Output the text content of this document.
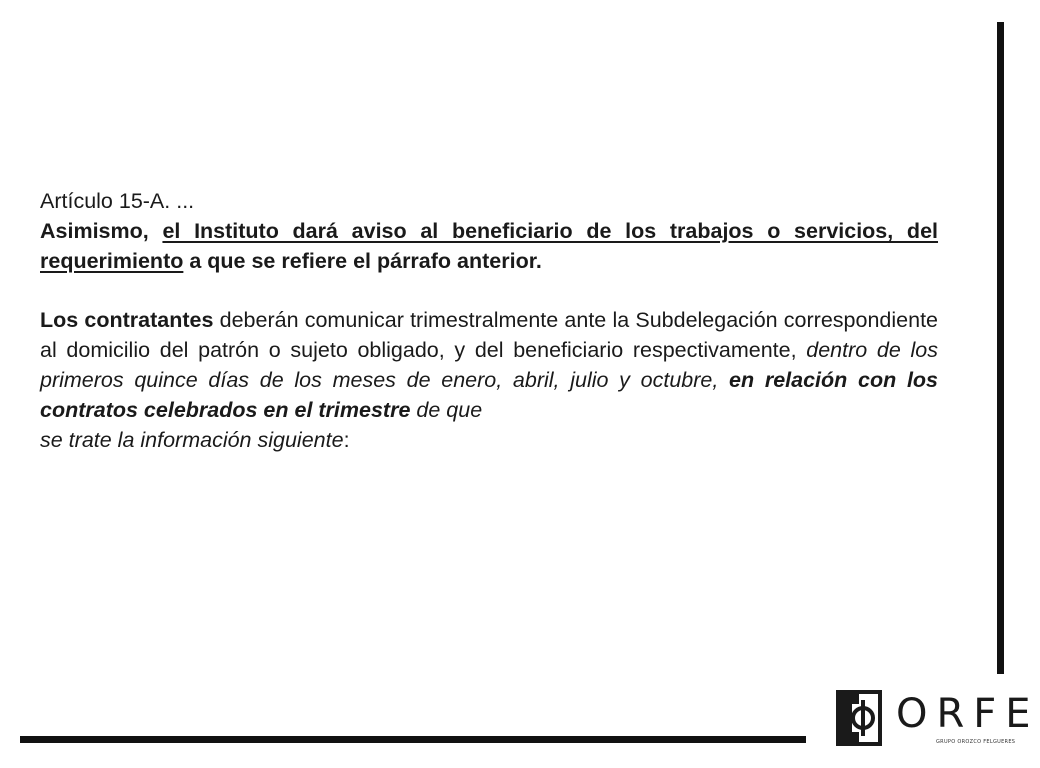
Artículo 15-A. ...

Asimismo, el Instituto dará aviso al beneficiario de los trabajos o servicios, del requerimiento a que se refiere el párrafo anterior.

Los contratantes deberán comunicar trimestralmente ante la Subdelegación correspondiente al domicilio del patrón o sujeto obligado, y del beneficiario respectivamente, dentro de los primeros quince días de los meses de enero, abril, julio y octubre, en relación con los contratos celebrados en el trimestre de que

se trate la información siguiente:

ORFE
GRUPO OROZCO FELGUERES
